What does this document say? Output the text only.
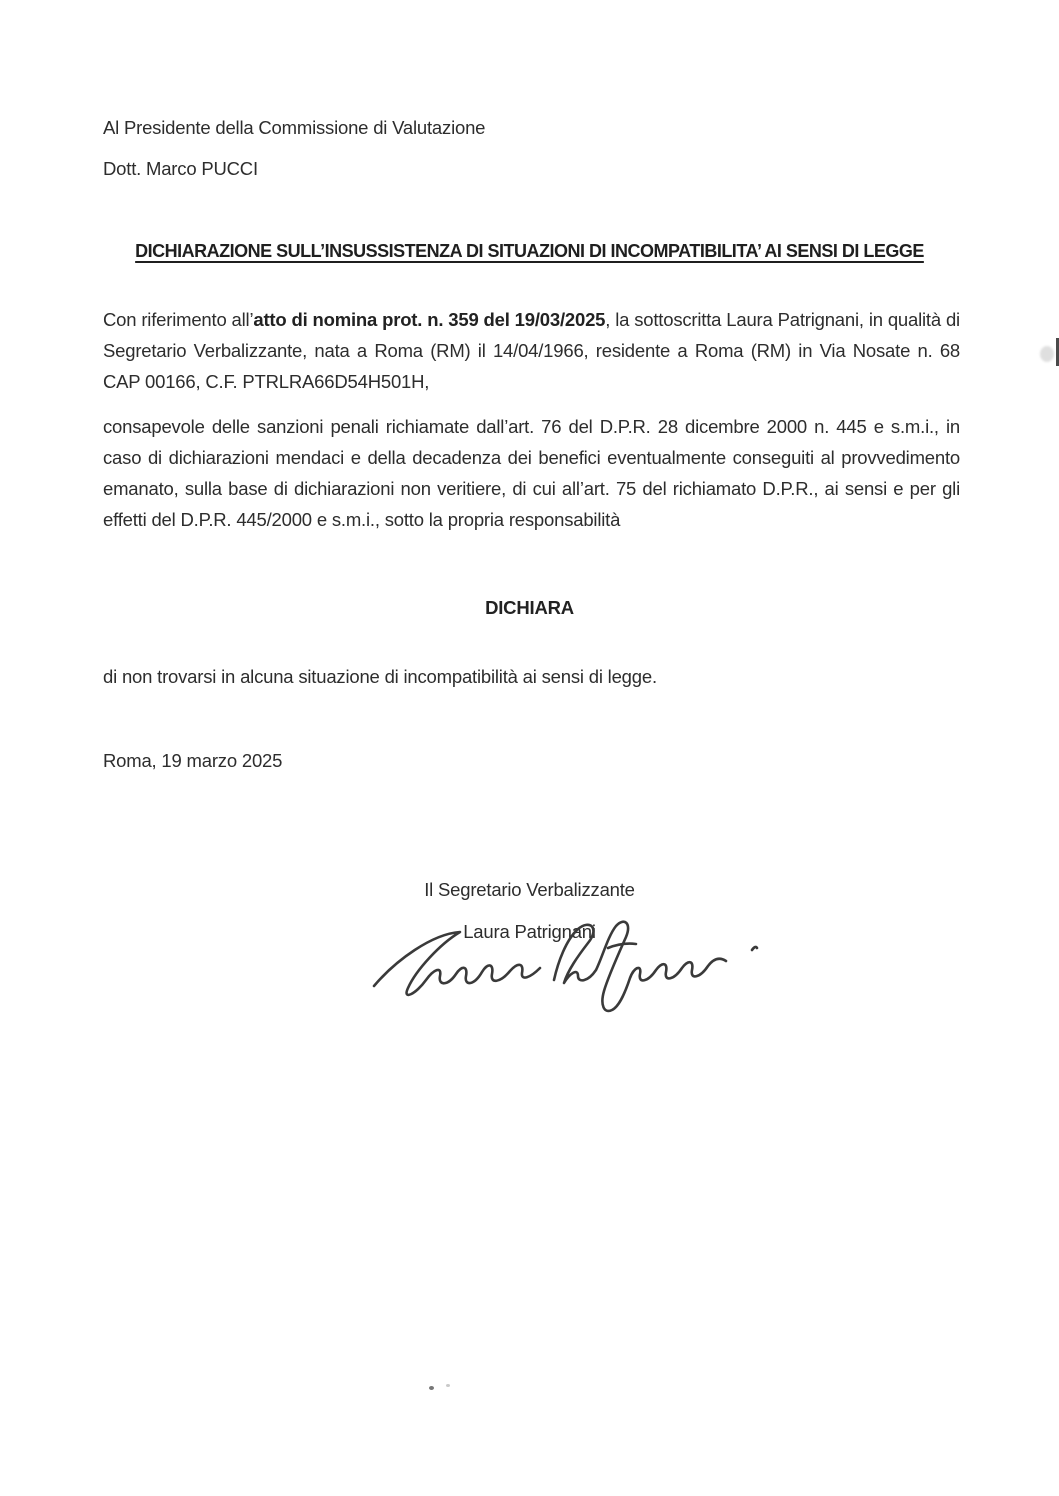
Al Presidente della Commissione di Valutazione
Dott. Marco PUCCI
DICHIARAZIONE SULL’INSUSSISTENZA DI SITUAZIONI DI INCOMPATIBILITA’ AI SENSI DI LEGGE

Con riferimento all’atto di nomina prot. n. 359 del 19/03/2025, la sottoscritta Laura Patrignani, in qualità di Segretario Verbalizzante, nata a Roma (RM) il 14/04/1966, residente a Roma (RM) in Via Nosate n. 68 CAP 00166, C.F. PTRLRA66D54H501H,

consapevole delle sanzioni penali richiamate dall’art. 76 del D.P.R. 28 dicembre 2000 n. 445 e s.m.i., in caso di dichiarazioni mendaci e della decadenza dei benefici eventualmente conseguiti al provvedimento emanato, sulla base di dichiarazioni non veritiere, di cui all’art. 75 del richiamato D.P.R., ai sensi e per gli effetti del D.P.R. 445/2000 e s.m.i., sotto la propria responsabilità

DICHIARA
di non trovarsi in alcuna situazione di incompatibilità ai sensi di legge.
Roma, 19 marzo 2025
Il Segretario Verbalizzante
Laura Patrignani
